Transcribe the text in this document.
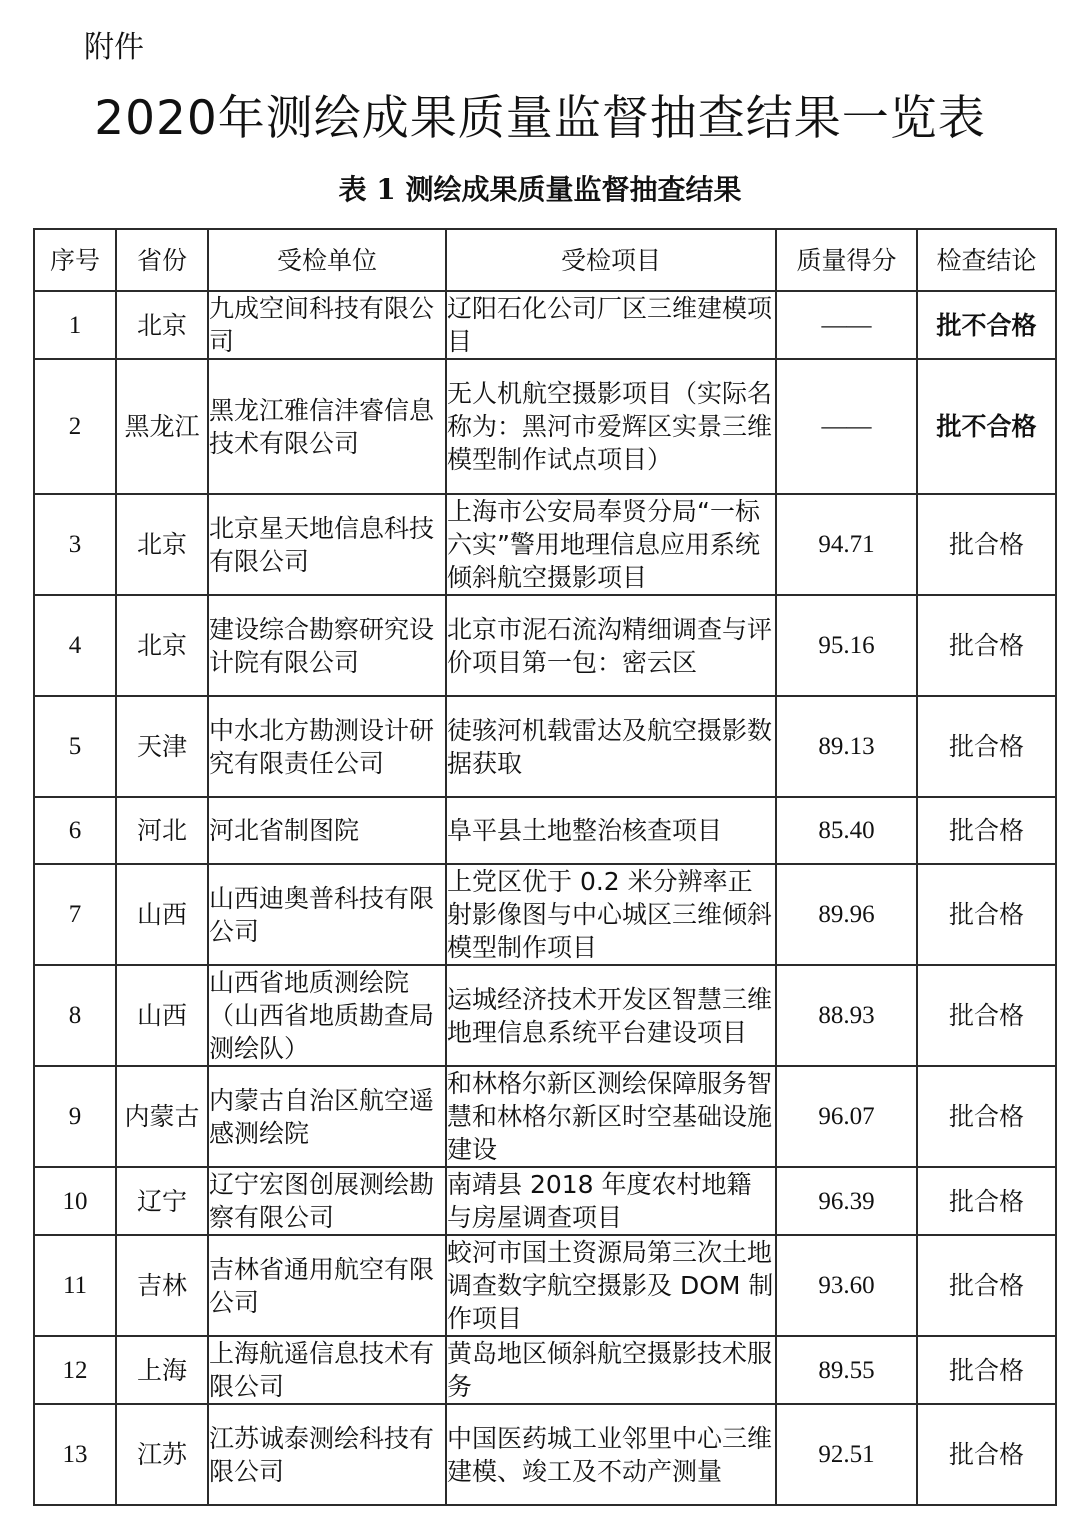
附件
2020年测绘成果质量监督抽查结果一览表
表 1 测绘成果质量监督抽查结果
序号	省份	受检单位	受检项目	质量得分	检查结论

1	北京	九成空间科技有限公司	辽阳石化公司厂区三维建模项目	——	批不合格

2	黑龙江	黑龙江雅信沣睿信息技术有限公司	无人机航空摄影项目（实际名称为：黑河市爱辉区实景三维模型制作试点项目）	——	批不合格

3	北京	北京星天地信息科技有限公司	上海市公安局奉贤分局“一标六实”警用地理信息应用系统倾斜航空摄影项目	94.71	批合格

4	北京	建设综合勘察研究设计院有限公司	北京市泥石流沟精细调查与评价项目第一包：密云区	95.16	批合格

5	天津	中水北方勘测设计研究有限责任公司	徒骇河机载雷达及航空摄影数据获取	89.13	批合格

6	河北	河北省制图院	阜平县土地整治核查项目	85.40	批合格

7	山西	山西迪奥普科技有限公司	上党区优于 0.2 米分辨率正射影像图与中心城区三维倾斜模型制作项目	89.96	批合格

8	山西	山西省地质测绘院（山西省地质勘查局测绘队）	运城经济技术开发区智慧三维地理信息系统平台建设项目	88.93	批合格

9	内蒙古	内蒙古自治区航空遥感测绘院	和林格尔新区测绘保障服务智慧和林格尔新区时空基础设施建设	96.07	批合格

10	辽宁	辽宁宏图创展测绘勘察有限公司	南靖县 2018 年度农村地籍与房屋调查项目	96.39	批合格

11	吉林	吉林省通用航空有限公司	蛟河市国土资源局第三次土地调查数字航空摄影及 DOM 制作项目	93.60	批合格

12	上海	上海航遥信息技术有限公司	黄岛地区倾斜航空摄影技术服务	89.55	批合格

13	江苏	江苏诚泰测绘科技有限公司	中国医药城工业邻里中心三维建模、竣工及不动产测量	92.51	批合格
